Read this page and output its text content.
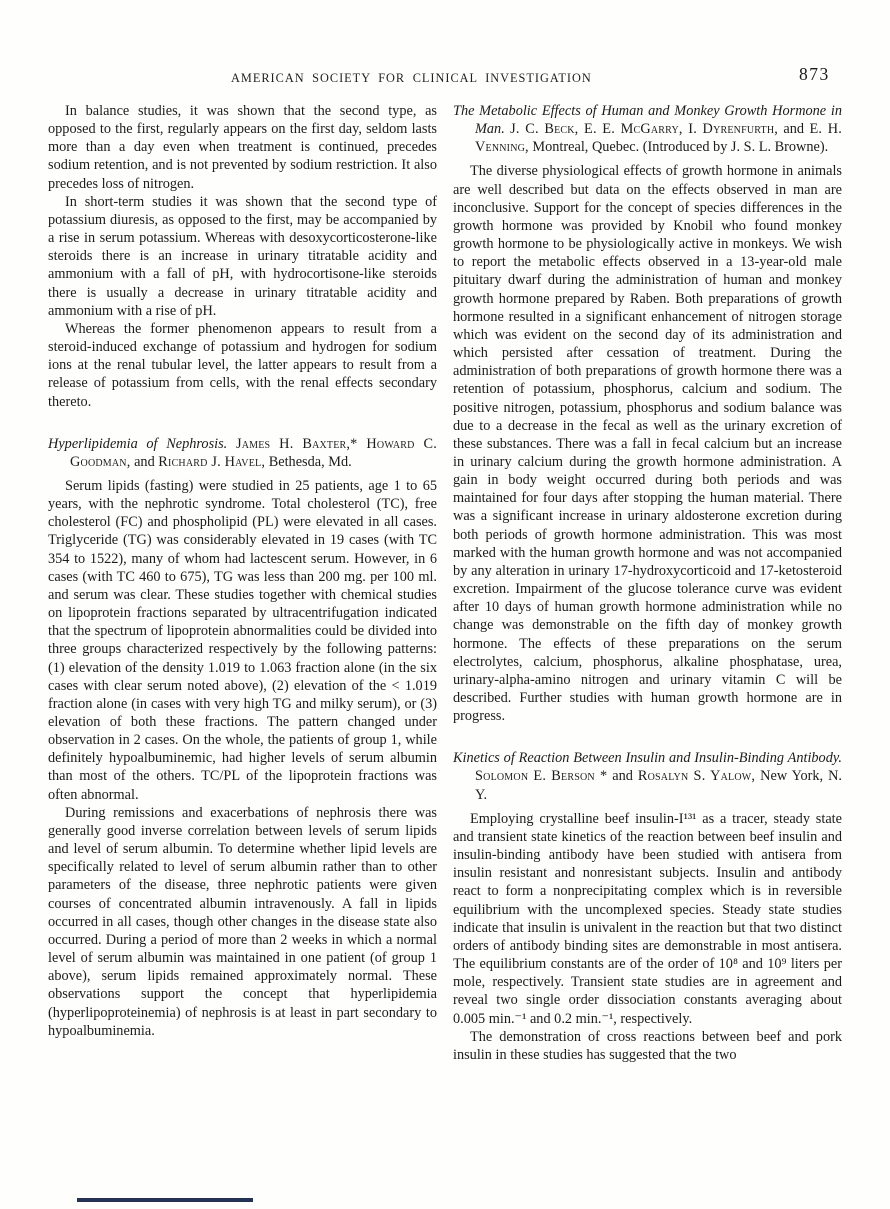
AMERICAN SOCIETY FOR CLINICAL INVESTIGATION	873

In balance studies, it was shown that the second type, as opposed to the first, regularly appears on the first day, seldom lasts more than a day even when treatment is continued, precedes sodium retention, and is not prevented by sodium restriction. It also precedes loss of nitrogen.

In short-term studies it was shown that the second type of potassium diuresis, as opposed to the first, may be accompanied by a rise in serum potassium. Whereas with desoxycorticosterone-like steroids there is an increase in urinary titratable acidity and ammonium with a fall of pH, with hydrocortisone-like steroids there is usually a decrease in urinary titratable acidity and ammonium with a rise of pH.

Whereas the former phenomenon appears to result from a steroid-induced exchange of potassium and hydrogen for sodium ions at the renal tubular level, the latter appears to result from a release of potassium from cells, with the renal effects secondary thereto.

Hyperlipidemia of Nephrosis. James H. Baxter,* Howard C. Goodman, and Richard J. Havel, Bethesda, Md.

Serum lipids (fasting) were studied in 25 patients, age 1 to 65 years, with the nephrotic syndrome. Total cholesterol (TC), free cholesterol (FC) and phospholipid (PL) were elevated in all cases. Triglyceride (TG) was considerably elevated in 19 cases (with TC 354 to 1522), many of whom had lactescent serum. However, in 6 cases (with TC 460 to 675), TG was less than 200 mg. per 100 ml. and serum was clear. These studies together with chemical studies on lipoprotein fractions separated by ultracentrifugation indicated that the spectrum of lipoprotein abnormalities could be divided into three groups characterized respectively by the following patterns: (1) elevation of the density 1.019 to 1.063 fraction alone (in the six cases with clear serum noted above), (2) elevation of the < 1.019 fraction alone (in cases with very high TG and milky serum), or (3) elevation of both these fractions. The pattern changed under observation in 2 cases. On the whole, the patients of group 1, while definitely hypoalbuminemic, had higher levels of serum albumin than most of the others. TC/PL of the lipoprotein fractions was often abnormal.

During remissions and exacerbations of nephrosis there was generally good inverse correlation between levels of serum lipids and level of serum albumin. To determine whether lipid levels are specifically related to level of serum albumin rather than to other parameters of the disease, three nephrotic patients were given courses of concentrated albumin intravenously. A fall in lipids occurred in all cases, though other changes in the disease state also occurred. During a period of more than 2 weeks in which a normal level of serum albumin was maintained in one patient (of group 1 above), serum lipids remained approximately normal. These observations support the concept that hyperlipidemia (hyperlipoproteinemia) of nephrosis is at least in part secondary to hypoalbuminemia.

The Metabolic Effects of Human and Monkey Growth Hormone in Man. J. C. Beck, E. E. McGarry, I. Dyrenfurth, and E. H. Venning, Montreal, Quebec. (Introduced by J. S. L. Browne).

The diverse physiological effects of growth hormone in animals are well described but data on the effects observed in man are inconclusive. Support for the concept of species differences in the growth hormone was provided by Knobil who found monkey growth hormone to be physiologically active in monkeys. We wish to report the metabolic effects observed in a 13-year-old male pituitary dwarf during the administration of human and monkey growth hormone prepared by Raben. Both preparations of growth hormone resulted in a significant enhancement of nitrogen storage which was evident on the second day of its administration and which persisted after cessation of treatment. During the administration of both preparations of growth hormone there was a retention of potassium, phosphorus, calcium and sodium. The positive nitrogen, potassium, phosphorus and sodium balance was due to a decrease in the fecal as well as the urinary excretion of these substances. There was a fall in fecal calcium but an increase in urinary calcium during the growth hormone administration. A gain in body weight occurred during both periods and was maintained for four days after stopping the human material. There was a significant increase in urinary aldosterone excretion during both periods of growth hormone administration. This was most marked with the human growth hormone and was not accompanied by any alteration in urinary 17-hydroxycorticoid and 17-ketosteroid excretion. Impairment of the glucose tolerance curve was evident after 10 days of human growth hormone administration while no change was demonstrable on the fifth day of monkey growth hormone. The effects of these preparations on the serum electrolytes, calcium, phosphorus, alkaline phosphatase, urea, urinary-alpha-amino nitrogen and urinary vitamin C will be described. Further studies with human growth hormone are in progress.

Kinetics of Reaction Between Insulin and Insulin-Binding Antibody. Solomon E. Berson * and Rosalyn S. Yalow, New York, N. Y.

Employing crystalline beef insulin-I¹³¹ as a tracer, steady state and transient state kinetics of the reaction between beef insulin and insulin-binding antibody have been studied with antisera from insulin resistant and nonresistant subjects. Insulin and antibody react to form a nonprecipitating complex which is in reversible equilibrium with the uncomplexed species. Steady state studies indicate that insulin is univalent in the reaction but that two distinct orders of antibody binding sites are demonstrable in most antisera. The equilibrium constants are of the order of 10⁸ and 10⁹ liters per mole, respectively. Transient state studies are in agreement and reveal two single order dissociation constants averaging about 0.005 min.⁻¹ and 0.2 min.⁻¹, respectively.

The demonstration of cross reactions between beef and pork insulin in these studies has suggested that the two
